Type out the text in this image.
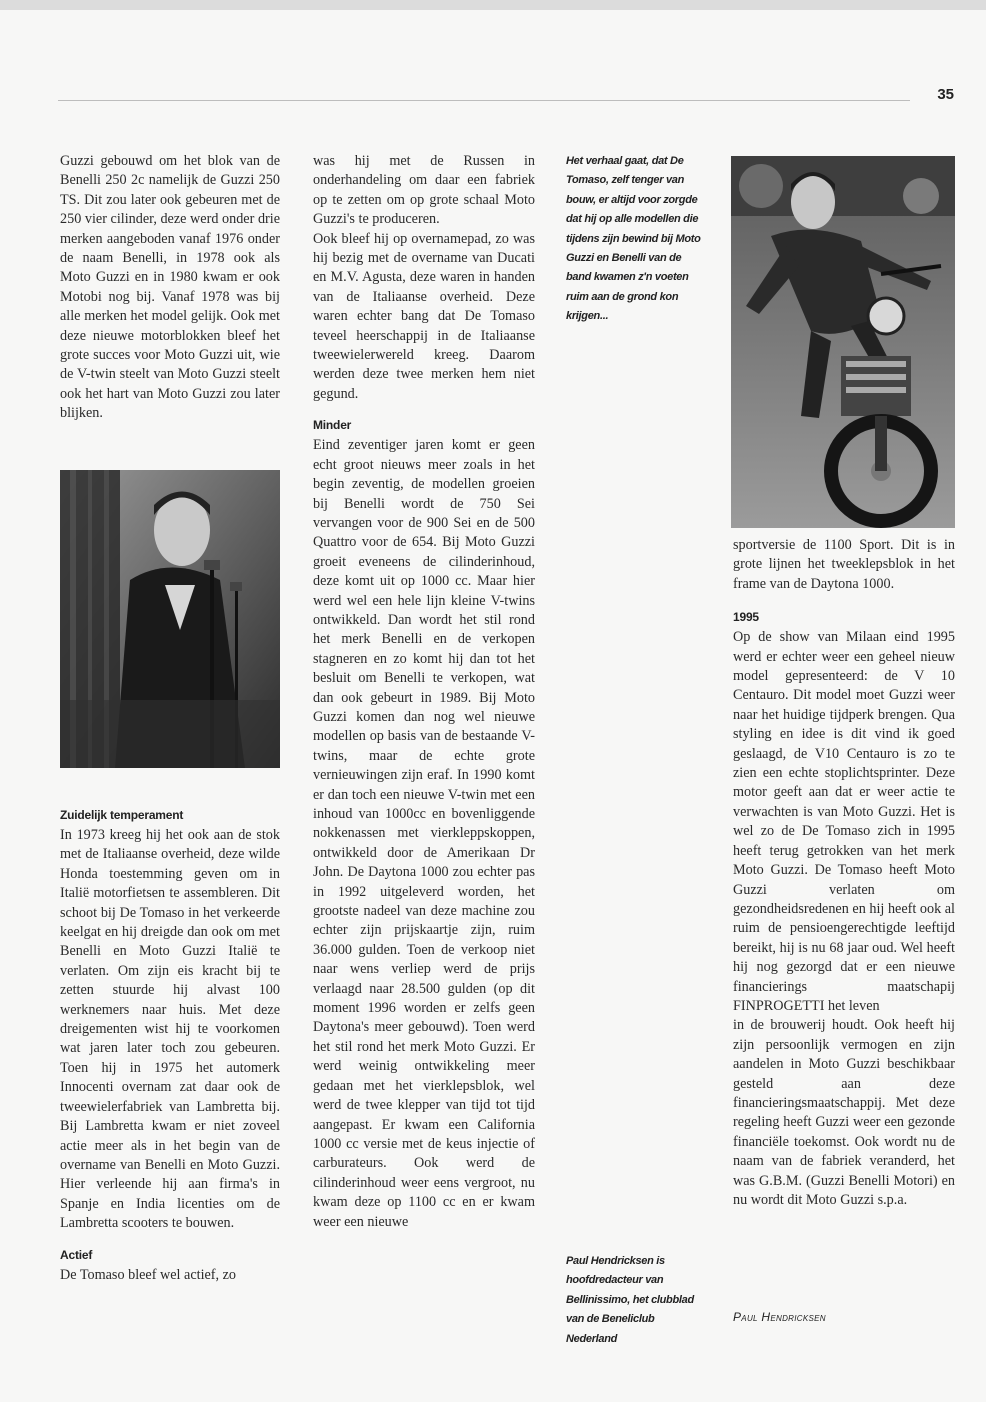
35

Guzzi gebouwd om het blok van de Benelli 250 2c namelijk de Guzzi 250 TS. Dit zou later ook gebeuren met de 250 vier cilinder, deze werd onder drie merken aangeboden vanaf 1976 onder de naam Benelli, in 1978 ook als Moto Guzzi en in 1980 kwam er ook Motobi nog bij. Vanaf 1978 was bij alle merken het model gelijk. Ook met deze nieuwe motorblokken bleef het grote succes voor Moto Guzzi uit, wie de V-twin steelt van Moto Guzzi steelt ook het hart van Moto Guzzi zou later blijken.

Zuidelijk temperament

In 1973 kreeg hij het ook aan de stok met de Italiaanse overheid, deze wilde Honda toestemming geven om in Italië motorfietsen te assembleren. Dit schoot bij De Tomaso in het verkeerde keelgat en hij dreigde dan ook om met Benelli en Moto Guzzi Italië te verlaten. Om zijn eis kracht bij te zetten stuurde hij alvast 100 werknemers naar huis. Met deze dreigementen wist hij te voorkomen wat jaren later toch zou gebeuren. Toen hij in 1975 het automerk Innocenti overnam zat daar ook de tweewielerfabriek van Lambretta bij. Bij Lambretta kwam er niet zoveel actie meer als in het begin van de overname van Benelli en Moto Guzzi. Hier verleende hij aan firma's in Spanje en India licenties om de Lambretta scooters te bouwen.

Actief

De Tomaso bleef wel actief, zo

was hij met de Russen in onderhandeling om daar een fabriek op te zetten om op grote schaal Moto Guzzi's te produceren.

Ook bleef hij op overnamepad, zo was hij bezig met de overname van Ducati en M.V. Agusta, deze waren in handen van de Italiaanse overheid. Deze waren echter bang dat De Tomaso teveel heerschappij in de Italiaanse tweewielerwereld kreeg. Daarom werden deze twee merken hem niet gegund.

Minder

Eind zeventiger jaren komt er geen echt groot nieuws meer zoals in het begin zeventig, de modellen groeien bij Benelli wordt de 750 Sei vervangen voor de 900 Sei en de 500 Quattro voor de 654. Bij Moto Guzzi groeit eveneens de cilinderinhoud, deze komt uit op 1000 cc. Maar hier werd wel een hele lijn kleine V-twins ontwikkeld. Dan wordt het stil rond het merk Benelli en de verkopen stagneren en zo komt hij dan tot het besluit om Benelli te verkopen, wat dan ook gebeurt in 1989. Bij Moto Guzzi komen dan nog wel nieuwe modellen op basis van de bestaande V-twins, maar de echte grote vernieuwingen zijn eraf. In 1990 komt er dan toch een nieuwe V-twin met een inhoud van 1000cc en bovenliggende nokkenassen met vierkleppskoppen, ontwikkeld door de Amerikaan Dr John. De Daytona 1000 zou echter pas in 1992 uitgeleverd worden, het grootste nadeel van deze machine zou echter zijn prijskaartje zijn, ruim 36.000 gulden. Toen de verkoop niet naar wens verliep werd de prijs verlaagd naar 28.500 gulden (op dit moment 1996 worden er zelfs geen Daytona's meer gebouwd). Toen werd het stil rond het merk Moto Guzzi. Er werd weinig ontwikkeling meer gedaan met het vierklepsblok, wel werd de twee klepper van tijd tot tijd aangepast. Er kwam een California 1000 cc versie met de keus injectie of carburateurs. Ook werd de cilinderinhoud weer eens vergroot, nu kwam deze op 1100 cc en er kwam weer een nieuwe

Het verhaal gaat, dat De Tomaso, zelf tenger van bouw, er altijd voor zorgde dat hij op alle modellen die tijdens zijn bewind bij Moto Guzzi en Benelli van de band kwamen z'n voeten ruim aan de grond kon krijgen...
Paul Hendricksen is hoofdredacteur van Bellinissimo, het clubblad van de Beneliclub Nederland

sportversie de 1100 Sport. Dit is in grote lijnen het tweeklepsblok in het frame van de Daytona 1000.

1995

Op de show van Milaan eind 1995 werd er echter weer een geheel nieuw model gepresenteerd: de V 10 Centauro. Dit model moet Guzzi weer naar het huidige tijdperk brengen. Qua styling en idee is dit vind ik goed geslaagd, de V10 Centauro is zo te zien een echte stoplichtsprinter. Deze motor geeft aan dat er weer actie te verwachten is van Moto Guzzi. Het is wel zo de De Tomaso zich in 1995 heeft terug getrokken van het merk Moto Guzzi. De Tomaso heeft Moto Guzzi verlaten om gezondheidsredenen en hij heeft ook al ruim de pensioengerechtigde leeftijd bereikt, hij is nu 68 jaar oud. Wel heeft hij nog gezorgd dat er een nieuwe financierings maatschapij FINPROGETTI het leven

in de brouwerij houdt. Ook heeft hij zijn persoonlijk vermogen en zijn aandelen in Moto Guzzi beschikbaar gesteld aan deze financieringsmaatschappij. Met deze regeling heeft Guzzi weer een gezonde financiële toekomst. Ook wordt nu de naam van de fabriek veranderd, het was G.B.M. (Guzzi Benelli Motori) en nu wordt dit Moto Guzzi s.p.a.

Paul Hendricksen
